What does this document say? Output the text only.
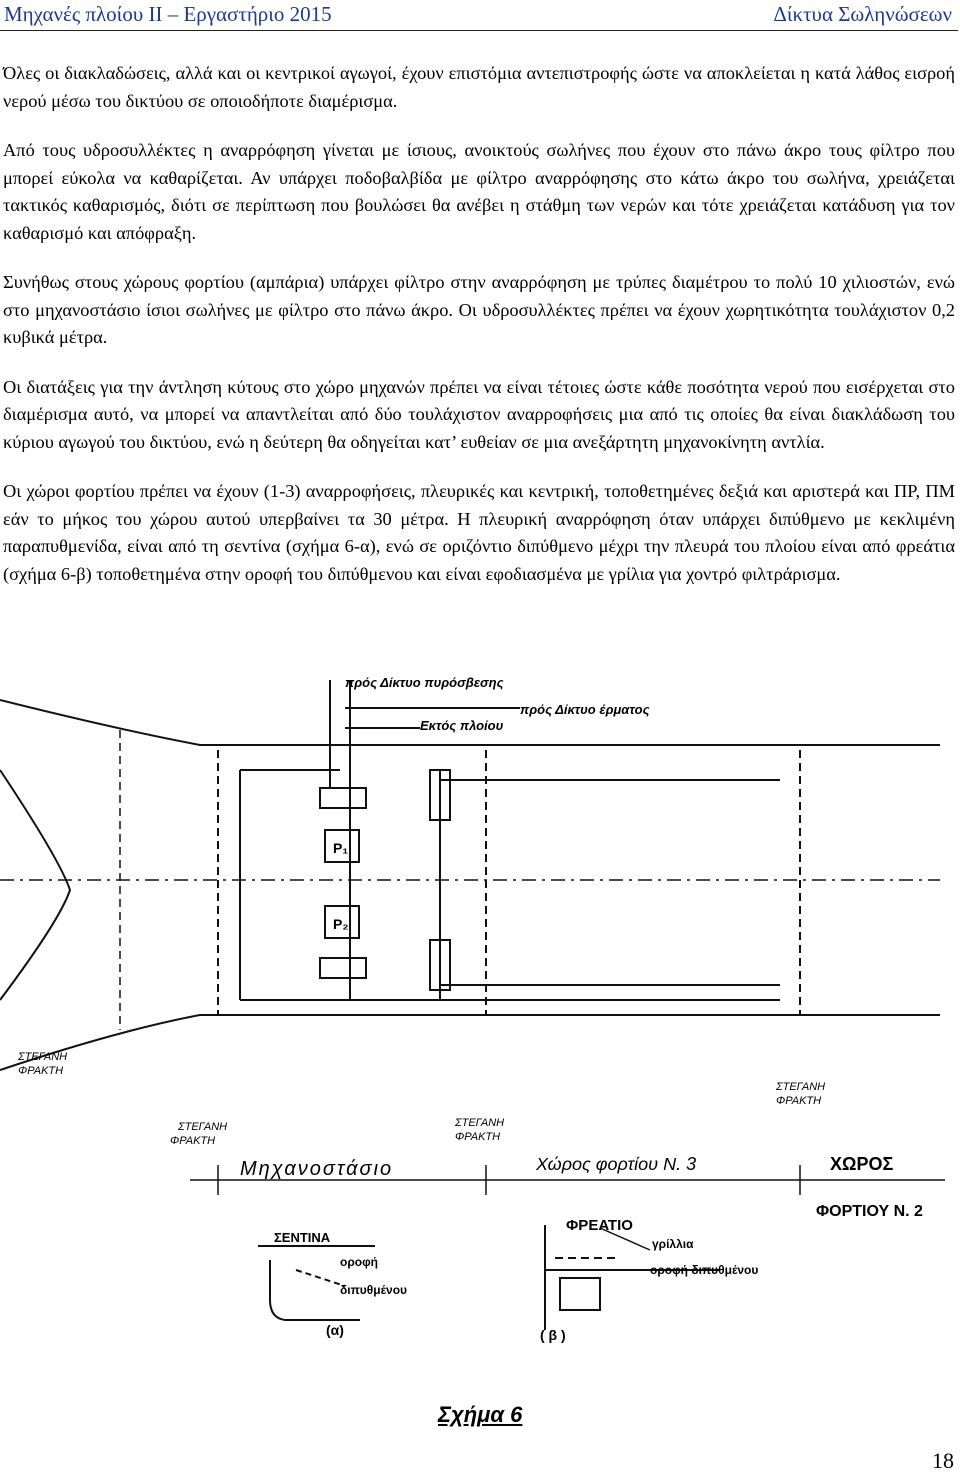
Μηχανές πλοίου ΙΙ – Εργαστήριο 2015	Δίκτυα Σωληνώσεων

Όλες οι διακλαδώσεις, αλλά και οι κεντρικοί αγωγοί, έχουν επιστόμια αντεπιστροφής ώστε να αποκλείεται η κατά λάθος εισροή νερού μέσω του δικτύου σε οποιοδήποτε διαμέρισμα.

Από τους υδροσυλλέκτες η αναρρόφηση γίνεται με ίσιους, ανοικτούς σωλήνες που έχουν στο πάνω άκρο τους φίλτρο που μπορεί εύκολα να καθαρίζεται. Αν υπάρχει ποδοβαλβίδα με φίλτρο αναρρόφησης στο κάτω άκρο του σωλήνα, χρειάζεται τακτικός καθαρισμός, διότι σε περίπτωση που βουλώσει θα ανέβει η στάθμη των νερών και τότε χρειάζεται κατάδυση για τον καθαρισμό και απόφραξη.

Συνήθως στους χώρους φορτίου (αμπάρια) υπάρχει φίλτρο στην αναρρόφηση με τρύπες διαμέτρου το πολύ 10 χιλιοστών, ενώ στο μηχανοστάσιο ίσιοι σωλήνες με φίλτρο στο πάνω άκρο. Οι υδροσυλλέκτες πρέπει να έχουν χωρητικότητα τουλάχιστον 0,2 κυβικά μέτρα.

Οι διατάξεις για την άντληση κύτους στο χώρο μηχανών πρέπει να είναι τέτοιες ώστε κάθε ποσότητα νερού που εισέρχεται στο διαμέρισμα αυτό, να μπορεί να απαντλείται από δύο τουλάχιστον αναρροφήσεις μια από τις οποίες θα είναι διακλάδωση του κύριου αγωγού του δικτύου, ενώ η δεύτερη θα οδηγείται κατ’ ευθείαν σε μια ανεξάρτητη μηχανοκίνητη αντλία.

Οι χώροι φορτίου πρέπει να έχουν (1-3) αναρροφήσεις, πλευρικές και κεντρική, τοποθετημένες δεξιά και αριστερά και ΠΡ, ΠΜ εάν το μήκος του χώρου αυτού υπερβαίνει τα 30 μέτρα. Η πλευρική αναρρόφηση όταν υπάρχει διπύθμενο με κεκλιμένη παραπυθμενίδα, είναι από τη σεντίνα (σχήμα 6-α), ενώ σε οριζόντιο διπύθμενο μέχρι την πλευρά του πλοίου είναι από φρεάτια (σχήμα 6-β) τοποθετημένα στην οροφή του διπύθμενου και είναι εφοδιασμένα με γρίλια για χοντρό φιλτράρισμα.

πρός Δίκτυο πυρόσβεσης
πρός Δίκτυο έρματος
Εκτός πλοίου
P₁
P₂
ΣΤΕΓΑΝΗ
ΦΡΑΚΤΗ
ΣΤΕΓΑΝΗ
ΦΡΑΚΤΗ
ΣΤΕΓΑΝΗ
ΦΡΑΚΤΗ
ΣΤΕΓΑΝΗ
ΦΡΑΚΤΗ
Μηχανοστάσιο	Χώρος φορτίου Ν. 3	ΧΩΡΟΣ
ΦΟΡΤΙΟΥ Ν. 2
ΣΕΝΤΙΝΑ
οροφή
διπυθμένου
(α)
ΦΡΕΑΤΙΟ
γρίλλια
οροφή διπυθμένου
( β )
Σχήμα 6
18
